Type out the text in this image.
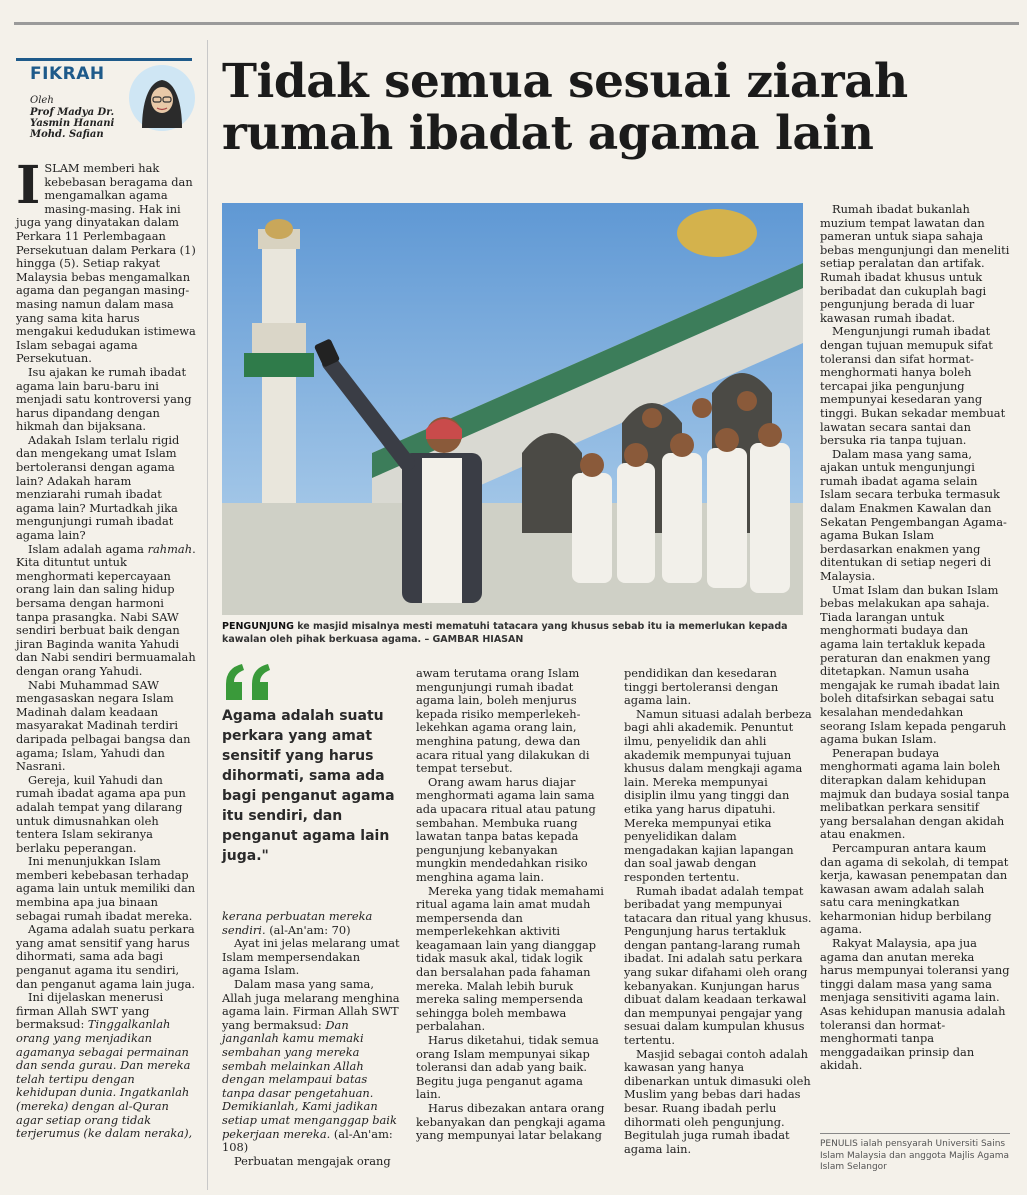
FIKRAH
Oleh
Prof Madya Dr. Yasmin Hanani Mohd. Safian
Tidak semua sesuai ziarah rumah ibadat agama lain
PENGUNJUNG ke masjid misalnya mesti mematuhi tatacara yang khusus sebab itu ia memerlukan kepada kawalan oleh pihak berkuasa agama. – GAMBAR HIASAN

ISLAM memberi hak kebebasan beragama dan mengamalkan agama masing-masing. Hak ini juga yang dinyatakan dalam Perkara 11 Perlembagaan Persekutuan dalam Perkara (1) hingga (5). Setiap rakyat Malaysia bebas mengamalkan agama dan pegangan masing-masing namun dalam masa yang sama kita harus mengakui kedudukan istimewa Islam sebagai agama Persekutuan.

Isu ajakan ke rumah ibadat agama lain baru-baru ini menjadi satu kontroversi yang harus dipandang dengan hikmah dan bijaksana.

Adakah Islam terlalu rigid dan mengekang umat Islam bertoleransi dengan agama lain? Adakah haram menziarahi rumah ibadat agama lain? Murtadkah jika mengunjungi rumah ibadat agama lain?

Islam adalah agama rahmah. Kita dituntut untuk menghormati kepercayaan orang lain dan saling hidup bersama dengan harmoni tanpa prasangka. Nabi SAW sendiri berbuat baik dengan jiran Baginda wanita Yahudi dan Nabi sendiri bermuamalah dengan orang Yahudi.

Nabi Muhammad SAW mengasaskan negara Islam Madinah dalam keadaan masyarakat Madinah terdiri daripada pelbagai bangsa dan agama; Islam, Yahudi dan Nasrani.

Gereja, kuil Yahudi dan rumah ibadat agama apa pun adalah tempat yang dilarang untuk dimusnahkan oleh tentera Islam sekiranya berlaku peperangan.

Ini menunjukkan Islam memberi kebebasan terhadap agama lain untuk memiliki dan membina apa jua binaan sebagai rumah ibadat mereka.

Agama adalah suatu perkara yang amat sensitif yang harus dihormati, sama ada bagi penganut agama itu sendiri, dan penganut agama lain juga.

Ini dijelaskan menerusi firman Allah SWT yang bermaksud: Tinggalkanlah orang yang menjadikan agamanya sebagai permainan dan senda gurau. Dan mereka telah tertipu dengan kehidupan dunia. Ingatkanlah (mereka) dengan al-Quran agar setiap orang tidak terjerumus (ke dalam neraka),

Agama adalah suatu perkara yang amat sensitif yang harus dihormati, sama ada bagi penganut agama itu sendiri, dan penganut agama lain juga."

kerana perbuatan mereka sendiri. (al-An'am: 70)

Ayat ini jelas melarang umat Islam mempersendakan agama Islam.

Dalam masa yang sama, Allah juga melarang menghina agama lain. Firman Allah SWT yang bermaksud: Dan janganlah kamu memaki sembahan yang mereka sembah melainkan Allah dengan melampaui batas tanpa dasar pengetahuan. Demikianlah, Kami jadikan setiap umat menganggap baik pekerjaan mereka. (al-An'am: 108)

Perbuatan mengajak orang

awam terutama orang Islam mengunjungi rumah ibadat agama lain, boleh menjurus kepada risiko memperlekeh-lekehkan agama orang lain, menghina patung, dewa dan acara ritual yang dilakukan di tempat tersebut.

Orang awam harus diajar menghormati agama lain sama ada upacara ritual atau patung sembahan. Membuka ruang lawatan tanpa batas kepada pengunjung kebanyakan mungkin mendedahkan risiko menghina agama lain.

Mereka yang tidak memahami ritual agama lain amat mudah mempersenda dan memperlekehkan aktiviti keagamaan lain yang dianggap tidak masuk akal, tidak logik dan bersalahan pada fahaman mereka. Malah lebih buruk mereka saling mempersenda sehingga boleh membawa perbalahan.

Harus diketahui, tidak semua orang Islam mempunyai sikap toleransi dan adab yang baik. Begitu juga penganut agama lain.

Harus dibezakan antara orang kebanyakan dan pengkaji agama yang mempunyai latar belakang

pendidikan dan kesedaran tinggi bertoleransi dengan agama lain.

Namun situasi adalah berbeza bagi ahli akademik. Penuntut ilmu, penyelidik dan ahli akademik mempunyai tujuan khusus dalam mengkaji agama lain. Mereka mempunyai disiplin ilmu yang tinggi dan etika yang harus dipatuhi. Mereka mempunyai etika penyelidikan dalam mengadakan kajian lapangan dan soal jawab dengan responden tertentu.

Rumah ibadat adalah tempat beribadat yang mempunyai tatacara dan ritual yang khusus. Pengunjung harus tertakluk dengan pantang-larang rumah ibadat. Ini adalah satu perkara yang sukar difahami oleh orang kebanyakan. Kunjungan harus dibuat dalam keadaan terkawal dan mempunyai pengajar yang sesuai dalam kumpulan khusus tertentu.

Masjid sebagai contoh adalah kawasan yang hanya dibenarkan untuk dimasuki oleh Muslim yang bebas dari hadas besar. Ruang ibadah perlu dihormati oleh pengunjung. Begitulah juga rumah ibadat agama lain.

Rumah ibadat bukanlah muzium tempat lawatan dan pameran untuk siapa sahaja bebas mengunjungi dan meneliti setiap peralatan dan artifak. Rumah ibadat khusus untuk beribadat dan cukuplah bagi pengunjung berada di luar kawasan rumah ibadat.

Mengunjungi rumah ibadat dengan tujuan memupuk sifat toleransi dan sifat hormat-menghormati hanya boleh tercapai jika pengunjung mempunyai kesedaran yang tinggi. Bukan sekadar membuat lawatan secara santai dan bersuka ria tanpa tujuan.

Dalam masa yang sama, ajakan untuk mengunjungi rumah ibadat agama selain Islam secara terbuka termasuk dalam Enakmen Kawalan dan Sekatan Pengembangan Agama-agama Bukan Islam berdasarkan enakmen yang ditentukan di setiap negeri di Malaysia.

Umat Islam dan bukan Islam bebas melakukan apa sahaja. Tiada larangan untuk menghormati budaya dan agama lain tertakluk kepada peraturan dan enakmen yang ditetapkan. Namun usaha mengajak ke rumah ibadat lain boleh ditafsirkan sebagai satu kesalahan mendedahkan seorang Islam kepada pengaruh agama bukan Islam.

Penerapan budaya menghormati agama lain boleh diterapkan dalam kehidupan majmuk dan budaya sosial tanpa melibatkan perkara sensitif yang bersalahan dengan akidah atau enakmen.

Percampuran antara kaum dan agama di sekolah, di tempat kerja, kawasan penempatan dan kawasan awam adalah salah satu cara meningkatkan keharmonian hidup berbilang agama.

Rakyat Malaysia, apa jua agama dan anutan mereka harus mempunyai toleransi yang tinggi dalam masa yang sama menjaga sensitiviti agama lain. Asas kehidupan manusia adalah toleransi dan hormat-menghormati tanpa menggadaikan prinsip dan akidah.

PENULIS ialah pensyarah Universiti Sains Islam Malaysia dan anggota Majlis Agama Islam Selangor
